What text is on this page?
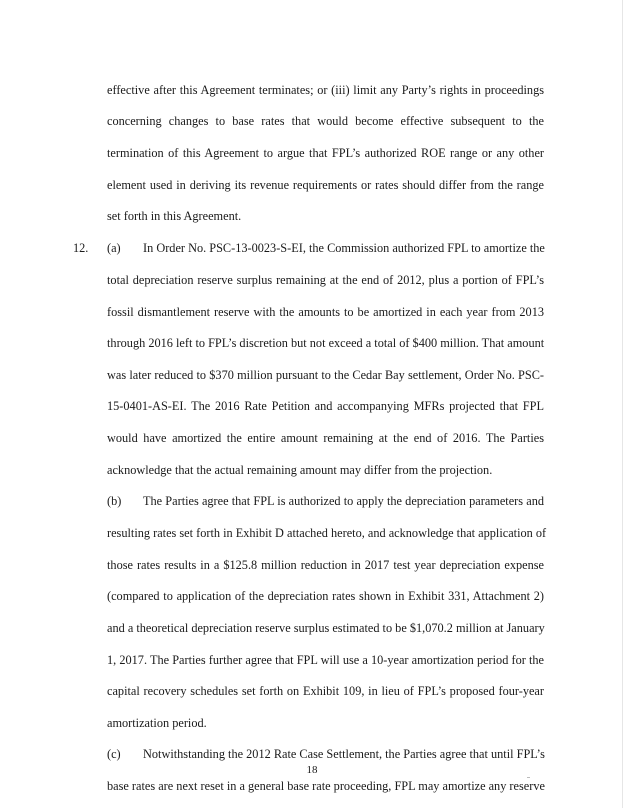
effective after this Agreement terminates; or (iii) limit any Party’s rights in proceedings
concerning changes to base rates that would become effective subsequent to the
termination of this Agreement to argue that FPL’s authorized ROE range or any other
element used in deriving its revenue requirements or rates should differ from the range
set forth in this Agreement.
12. (a) In Order No. PSC-13-0023-S-EI, the Commission authorized FPL to amortize the
total depreciation reserve surplus remaining at the end of 2012, plus a portion of FPL’s
fossil dismantlement reserve with the amounts to be amortized in each year from 2013
through 2016 left to FPL’s discretion but not exceed a total of $400 million. That amount
was later reduced to $370 million pursuant to the Cedar Bay settlement, Order No. PSC-
15-0401-AS-EI. The 2016 Rate Petition and accompanying MFRs projected that FPL
would have amortized the entire amount remaining at the end of 2016. The Parties
acknowledge that the actual remaining amount may differ from the projection.
(b) The Parties agree that FPL is authorized to apply the depreciation parameters and
resulting rates set forth in Exhibit D attached hereto, and acknowledge that application of
those rates results in a $125.8 million reduction in 2017 test year depreciation expense
(compared to application of the depreciation rates shown in Exhibit 331, Attachment 2)
and a theoretical depreciation reserve surplus estimated to be $1,070.2 million at January
1, 2017. The Parties further agree that FPL will use a 10-year amortization period for the
capital recovery schedules set forth on Exhibit 109, in lieu of FPL’s proposed four-year
amortization period.
(c) Notwithstanding the 2012 Rate Case Settlement, the Parties agree that until FPL’s
base rates are next reset in a general base rate proceeding, FPL may amortize any reserve
18
